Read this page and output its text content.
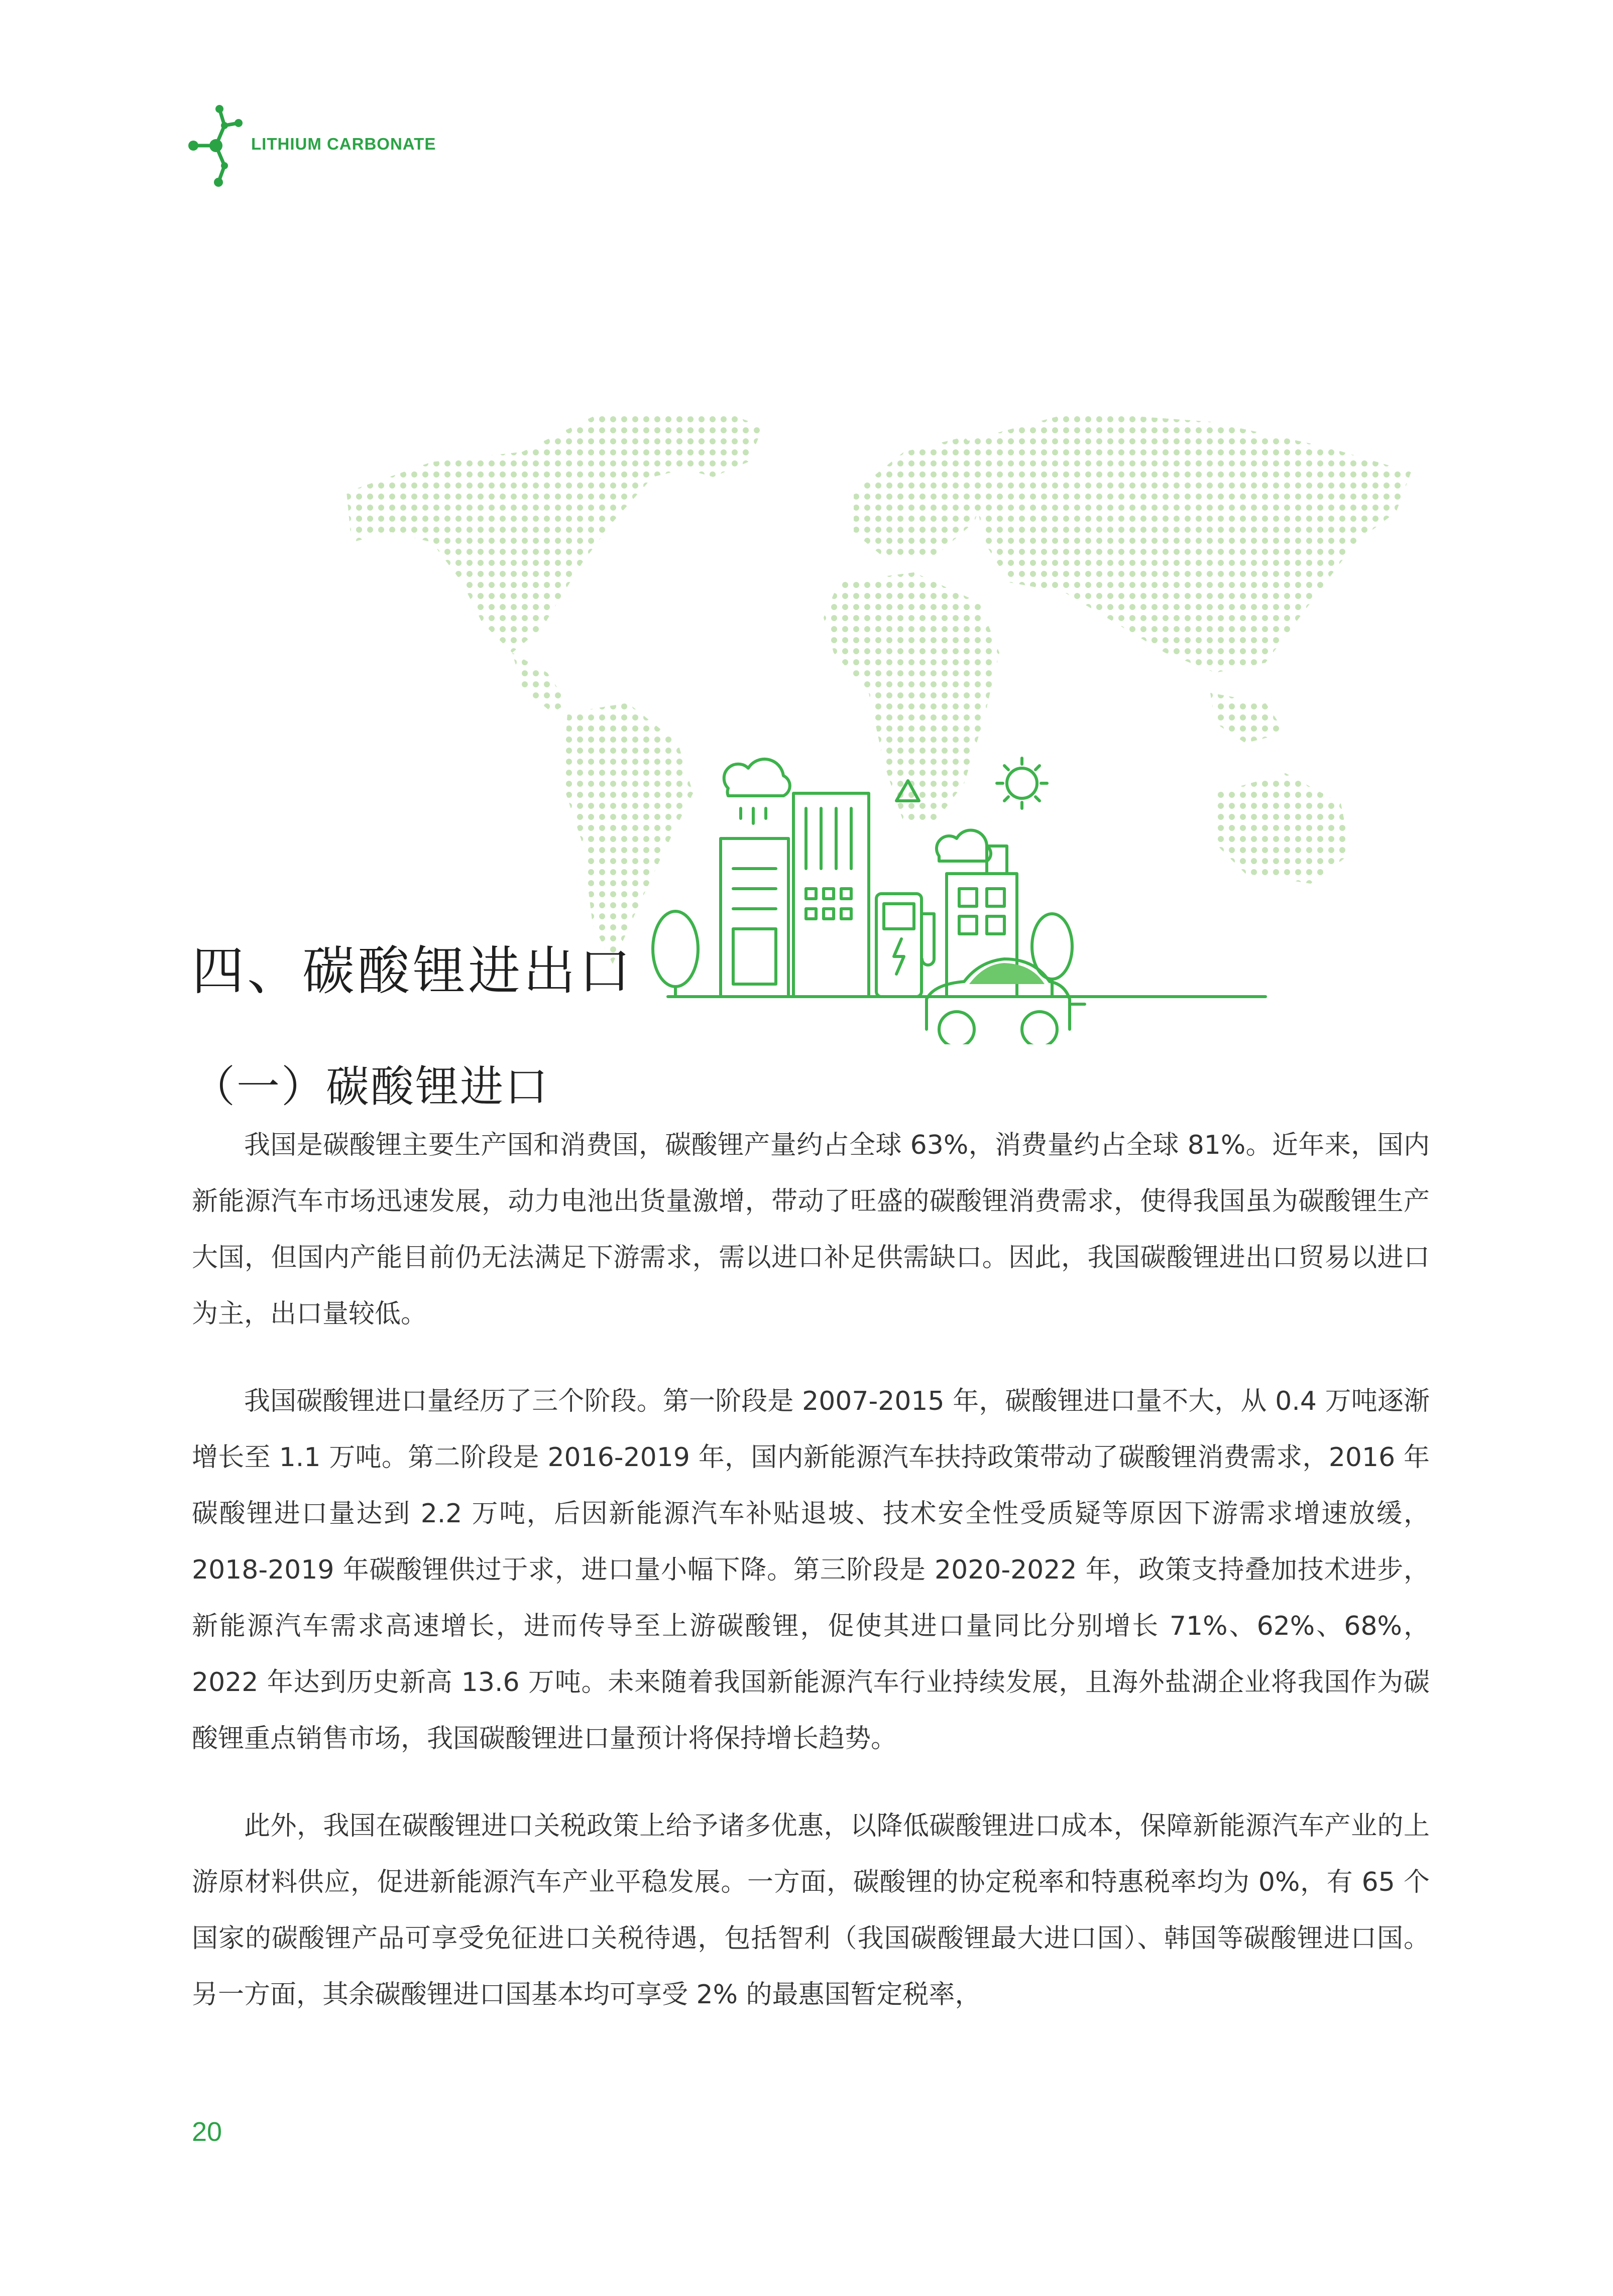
LITHIUM CARBONATE
四、碳酸锂进出口
（一）碳酸锂进口

我国是碳酸锂主要生产国和消费国，碳酸锂产量约占全球 63%，消费量约占全球 81%。近年来，国内新能源汽车市场迅速发展，动力电池出货量激增，带动了旺盛的碳酸锂消费需求，使得我国虽为碳酸锂生产大国，但国内产能目前仍无法满足下游需求，需以进口补足供需缺口。因此，我国碳酸锂进出口贸易以进口为主，出口量较低。

我国碳酸锂进口量经历了三个阶段。第一阶段是 2007-2015 年，碳酸锂进口量不大，从 0.4 万吨逐渐增长至 1.1 万吨。第二阶段是 2016-2019 年，国内新能源汽车扶持政策带动了碳酸锂消费需求，2016 年碳酸锂进口量达到 2.2 万吨，后因新能源汽车补贴退坡、技术安全性受质疑等原因下游需求增速放缓，2018-2019 年碳酸锂供过于求，进口量小幅下降。第三阶段是 2020-2022 年，政策支持叠加技术进步，新能源汽车需求高速增长，进而传导至上游碳酸锂，促使其进口量同比分别增长 71%、62%、68%，2022 年达到历史新高 13.6 万吨。未来随着我国新能源汽车行业持续发展，且海外盐湖企业将我国作为碳酸锂重点销售市场，我国碳酸锂进口量预计将保持增长趋势。

此外，我国在碳酸锂进口关税政策上给予诸多优惠，以降低碳酸锂进口成本，保障新能源汽车产业的上游原材料供应，促进新能源汽车产业平稳发展。一方面，碳酸锂的协定税率和特惠税率均为 0%，有 65 个国家的碳酸锂产品可享受免征进口关税待遇，包括智利（我国碳酸锂最大进口国）、韩国等碳酸锂进口国。另一方面，其余碳酸锂进口国基本均可享受 2% 的最惠国暂定税率，

20
